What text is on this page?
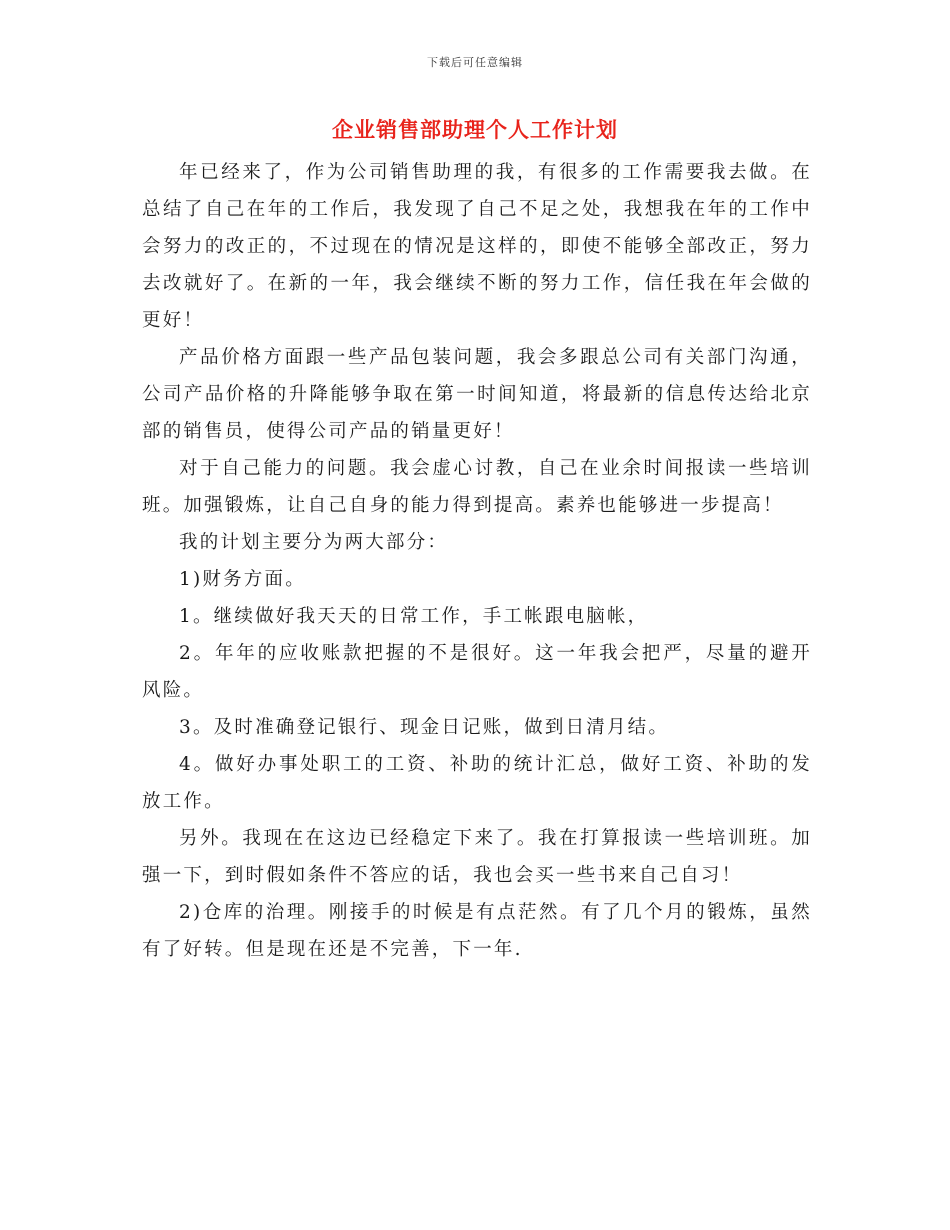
下载后可任意编辑
企业销售部助理个人工作计划

年已经来了，作为公司销售助理的我，有很多的工作需要我去做。在总结了自己在年的工作后，我发现了自己不足之处，我想我在年的工作中会努力的改正的，不过现在的情况是这样的，即使不能够全部改正，努力去改就好了。在新的一年，我会继续不断的努力工作，信任我在年会做的更好！

产品价格方面跟一些产品包装问题，我会多跟总公司有关部门沟通，公司产品价格的升降能够争取在第一时间知道，将最新的信息传达给北京部的销售员，使得公司产品的销量更好！

对于自己能力的问题。我会虚心讨教，自己在业余时间报读一些培训班。加强锻炼，让自己自身的能力得到提高。素养也能够进一步提高！

我的计划主要分为两大部分：

1)财务方面。

1。继续做好我天天的日常工作，手工帐跟电脑帐，

2。年年的应收账款把握的不是很好。这一年我会把严，尽量的避开风险。

3。及时准确登记银行、现金日记账，做到日清月结。

4。做好办事处职工的工资、补助的统计汇总，做好工资、补助的发放工作。

另外。我现在在这边已经稳定下来了。我在打算报读一些培训班。加强一下，到时假如条件不答应的话，我也会买一些书来自己自习！

2)仓库的治理。刚接手的时候是有点茫然。有了几个月的锻炼，虽然有了好转。但是现在还是不完善，下一年.
